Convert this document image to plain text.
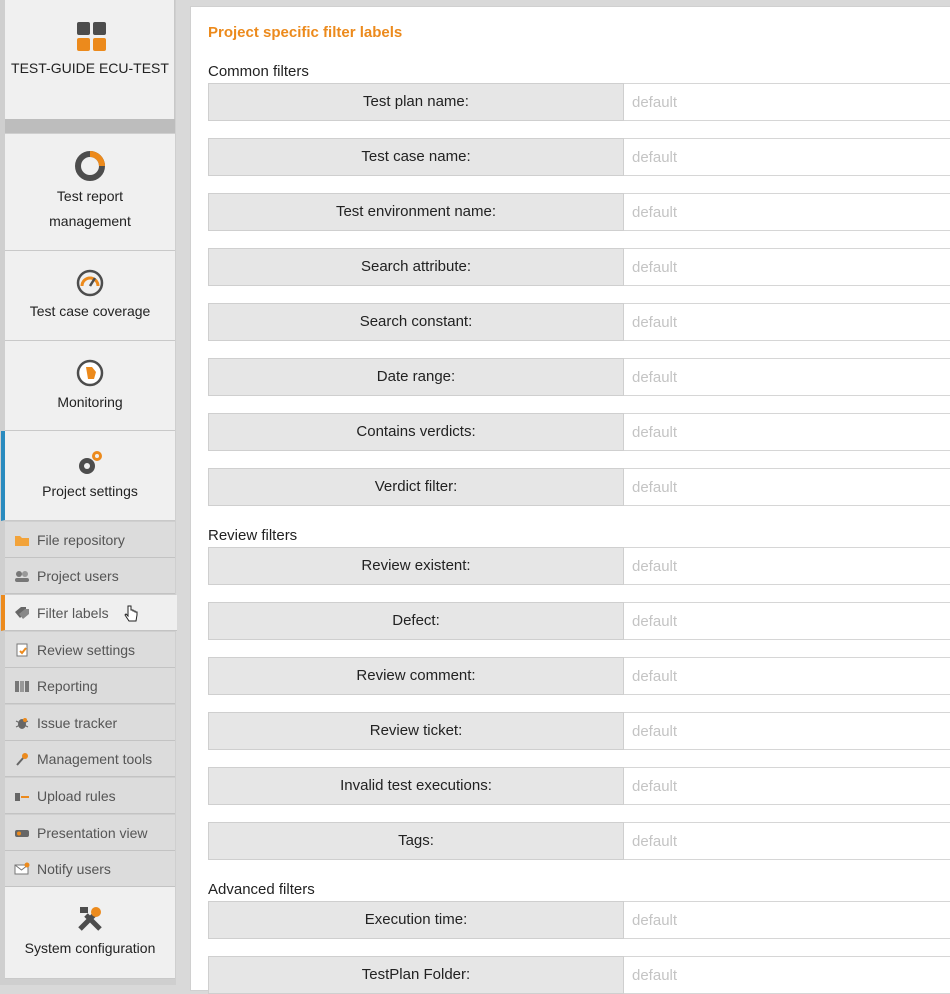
TEST-GUIDE ECU-TEST
Test report management
Test case coverage
Monitoring
Project settings
File repository
Project users
Filter labels
Review settings
Reporting
Issue tracker
Management tools
Upload rules
Presentation view
Notify users
System configuration
Project specific filter labels
Common filters
Test plan name:
default
Test case name:
default
Test environment name:
default
Search attribute:
default
Search constant:
default
Date range:
default
Contains verdicts:
default
Verdict filter:
default
Review filters
Review existent:
default
Defect:
default
Review comment:
default
Review ticket:
default
Invalid test executions:
default
Tags:
default
Advanced filters
Execution time:
default
TestPlan Folder:
default
